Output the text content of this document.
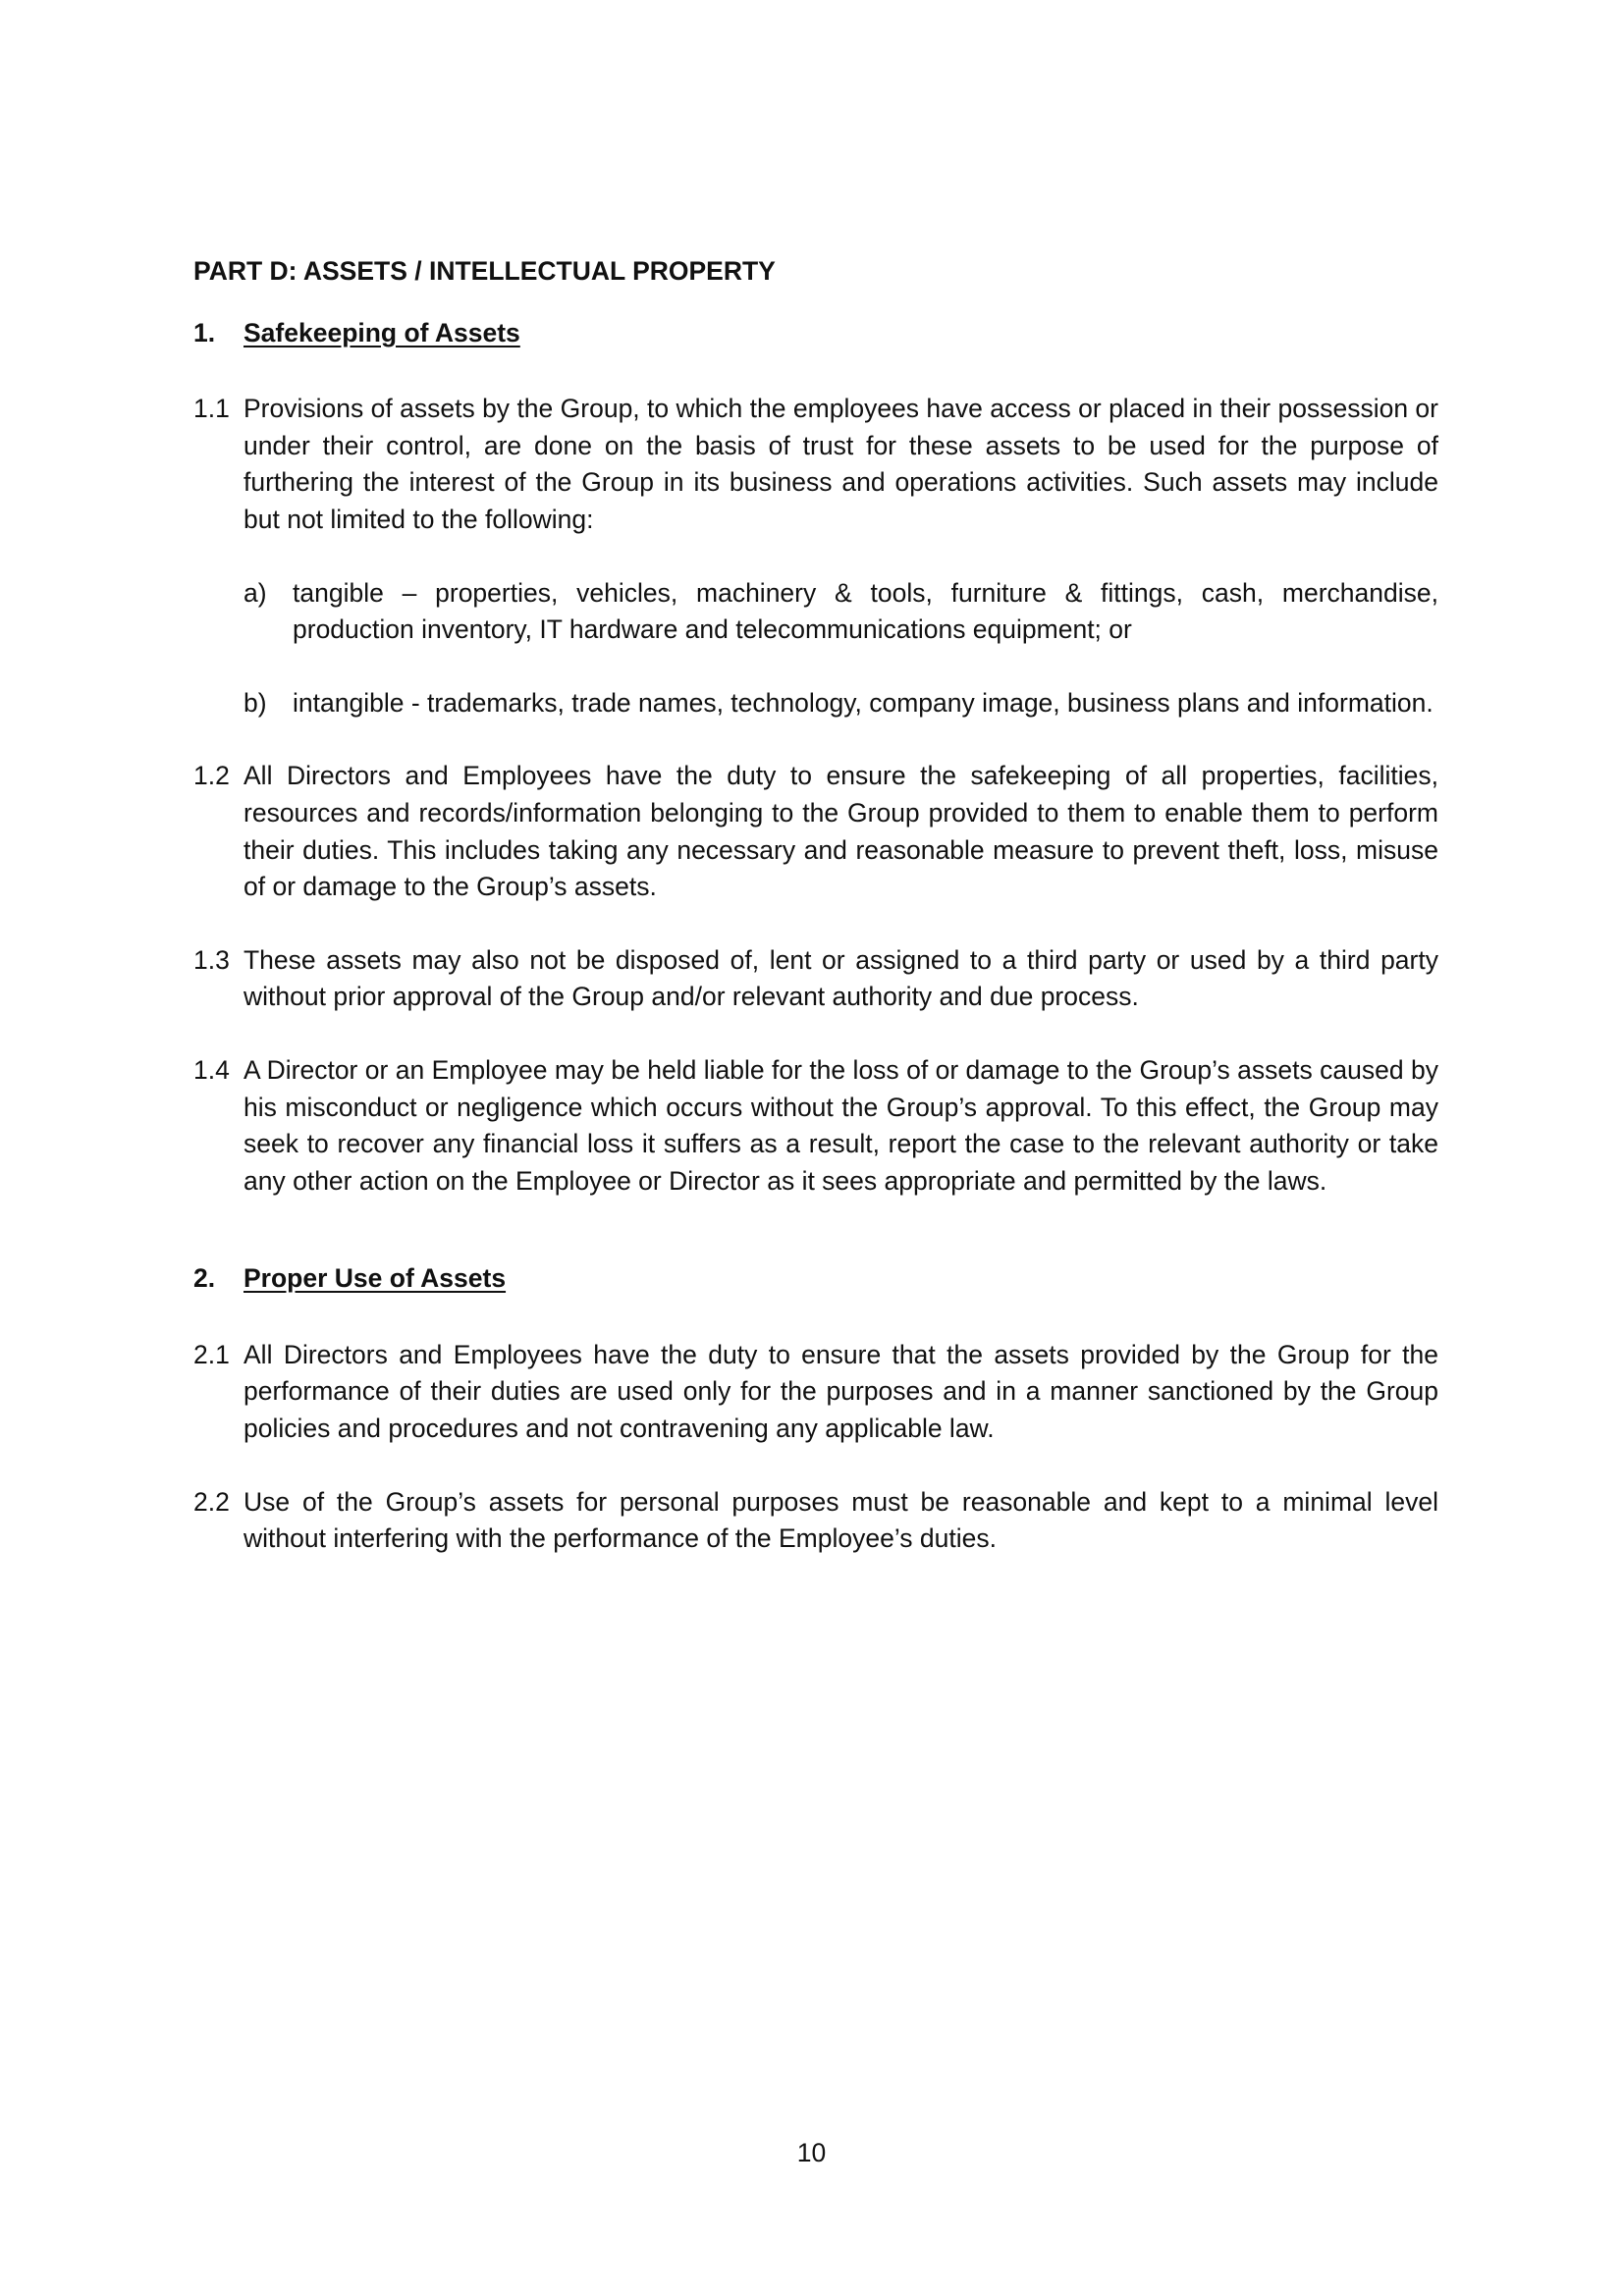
PART D: ASSETS / INTELLECTUAL PROPERTY

1.	Safekeeping of Assets
1.1 Provisions of assets by the Group, to which the employees have access or placed in their possession or under their control, are done on the basis of trust for these assets to be used for the purpose of furthering the interest of the Group in its business and operations activities. Such assets may include but not limited to the following:
a) tangible – properties, vehicles, machinery & tools, furniture & fittings, cash, merchandise, production inventory, IT hardware and telecommunications equipment; or
b) intangible - trademarks, trade names, technology, company image, business plans and information.
1.2 All Directors and Employees have the duty to ensure the safekeeping of all properties, facilities, resources and records/information belonging to the Group provided to them to enable them to perform their duties. This includes taking any necessary and reasonable measure to prevent theft, loss, misuse of or damage to the Group’s assets.
1.3 These assets may also not be disposed of, lent or assigned to a third party or used by a third party without prior approval of the Group and/or relevant authority and due process.
1.4 A Director or an Employee may be held liable for the loss of or damage to the Group’s assets caused by his misconduct or negligence which occurs without the Group’s approval. To this effect, the Group may seek to recover any financial loss it suffers as a result, report the case to the relevant authority or take any other action on the Employee or Director as it sees appropriate and permitted by the laws.
2.	Proper Use of Assets
2.1 All Directors and Employees have the duty to ensure that the assets provided by the Group for the performance of their duties are used only for the purposes and in a manner sanctioned by the Group policies and procedures and not contravening any applicable law.
2.2 Use of the Group’s assets for personal purposes must be reasonable and kept to a minimal level without interfering with the performance of the Employee’s duties.
10
